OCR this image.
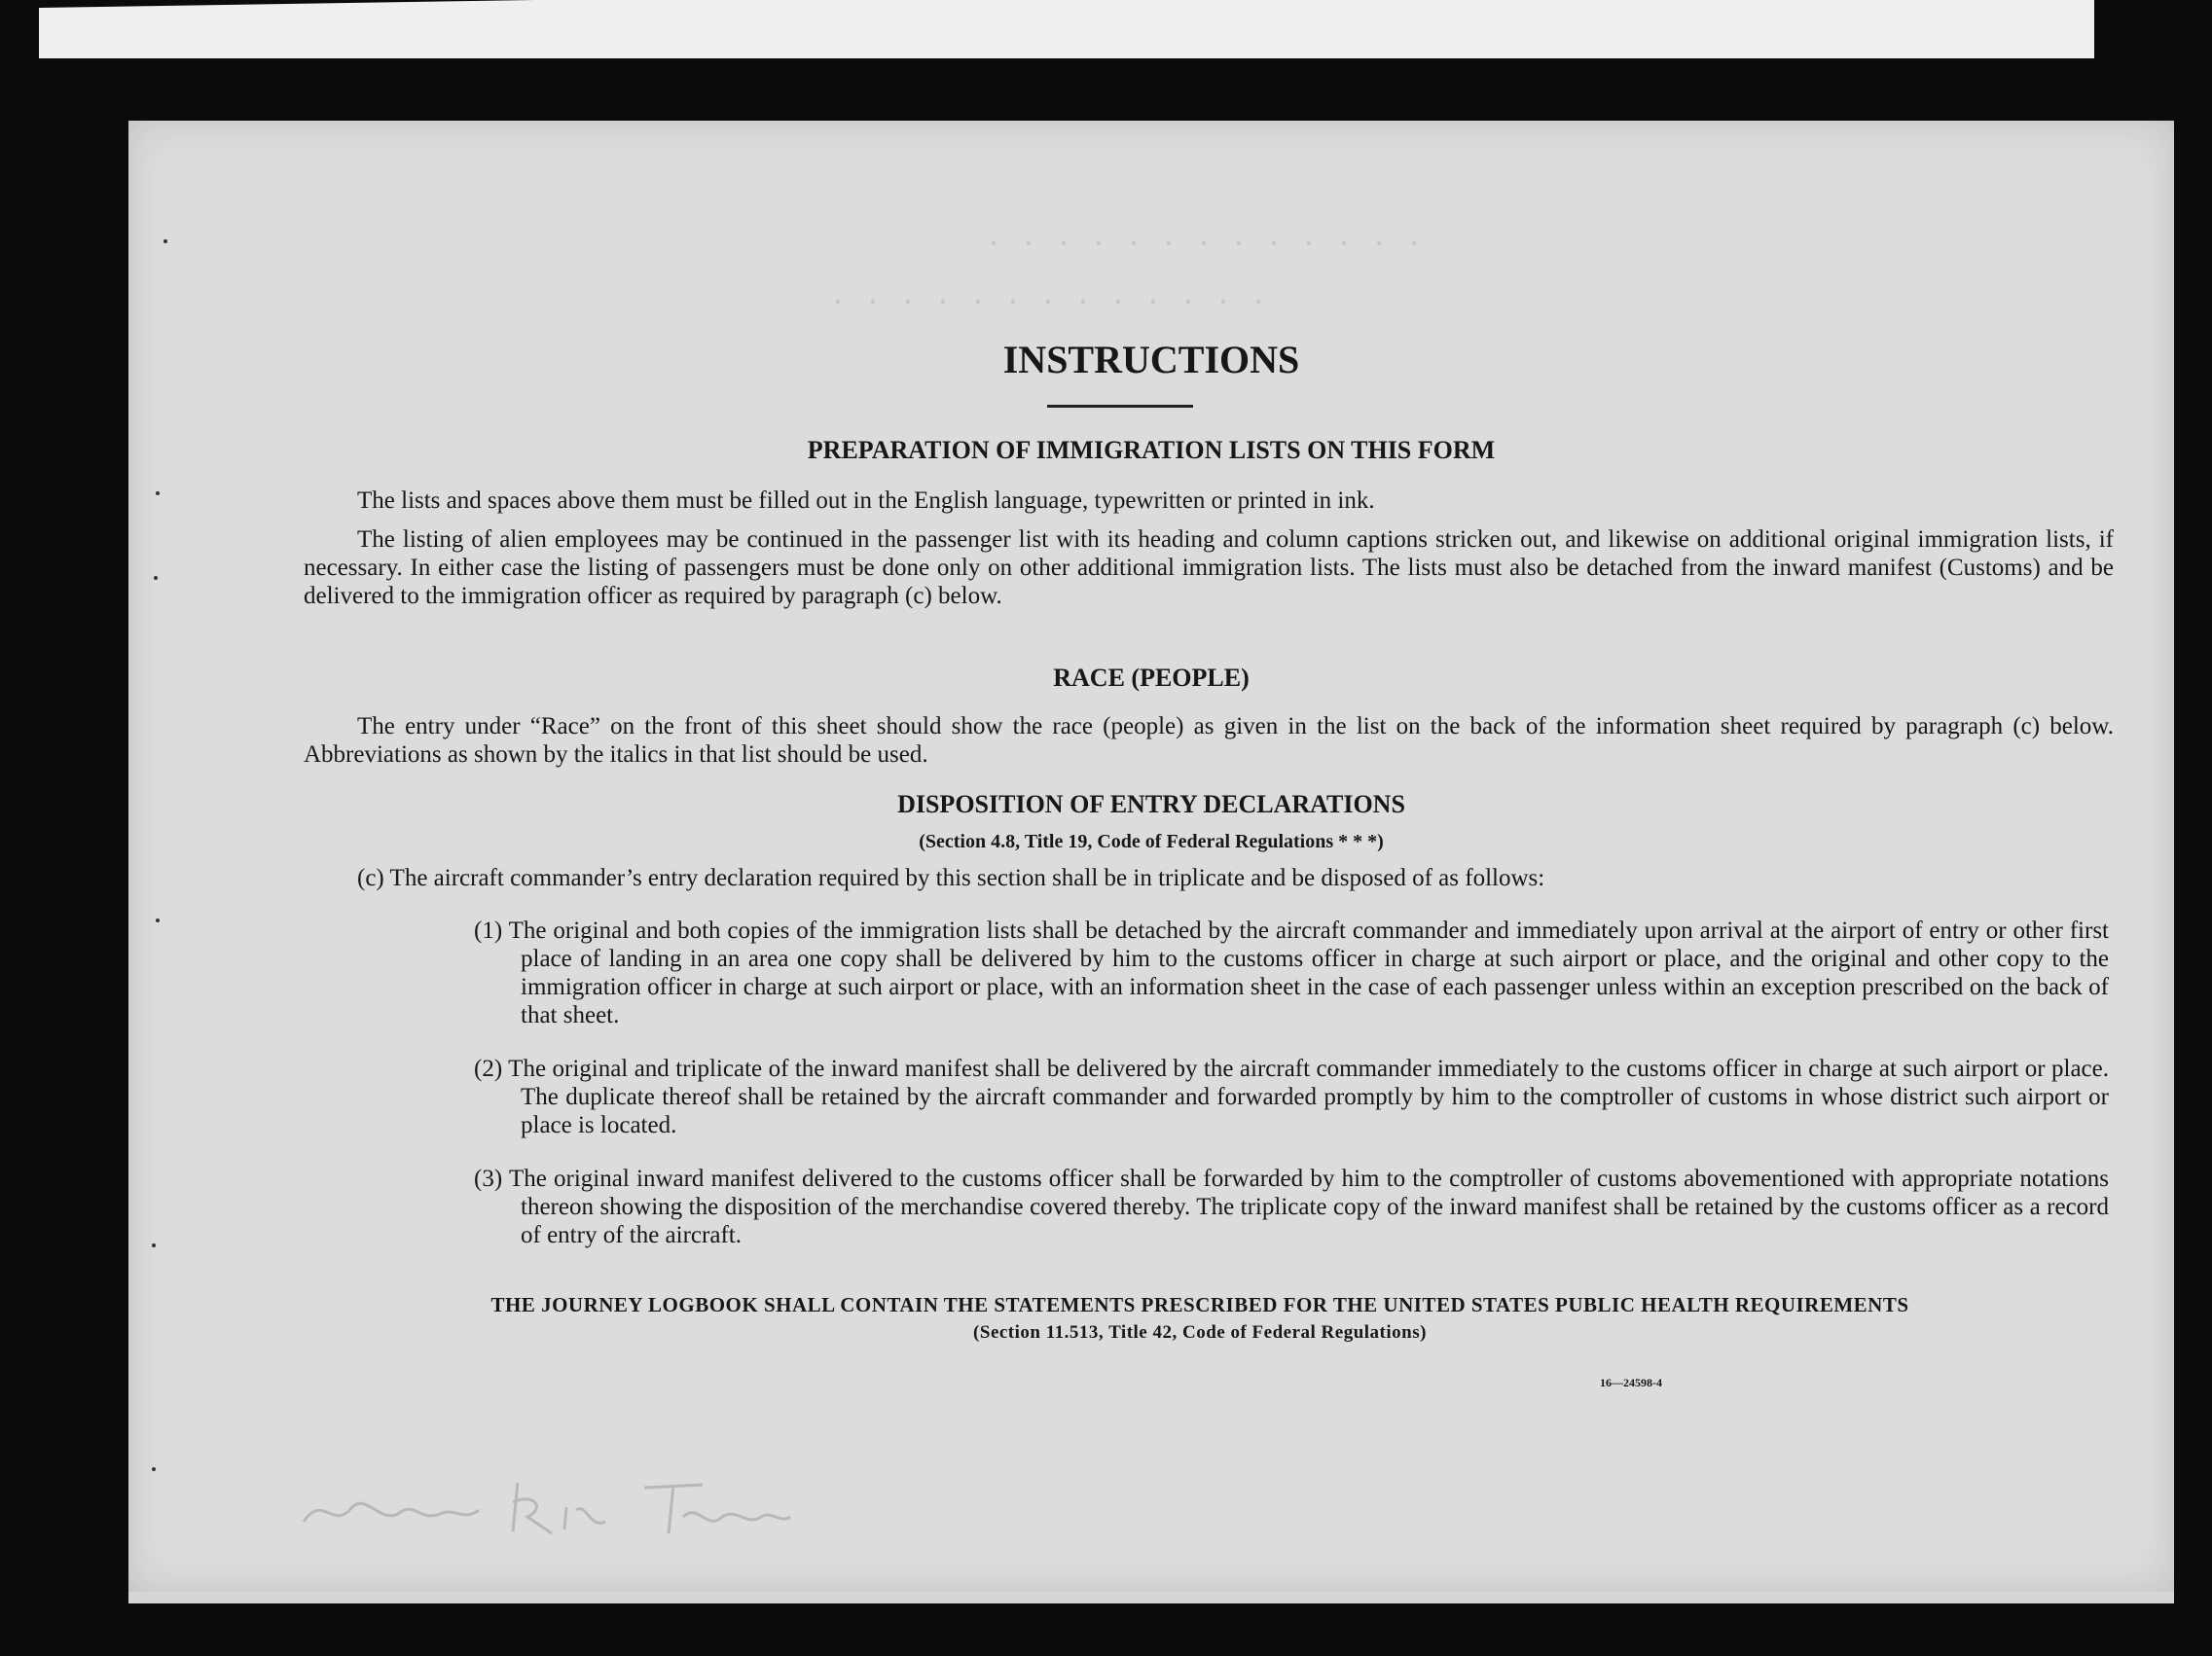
· · · · · · · · · · · · ·
· · · · · · · · · · · · ·
INSTRUCTIONS
PREPARATION OF IMMIGRATION LISTS ON THIS FORM
The lists and spaces above them must be filled out in the English language, typewritten or printed in ink.
The listing of alien employees may be continued in the passenger list with its heading and column captions stricken out, and likewise on additional original immigration lists, if necessary. In either case the listing of passengers must be done only on other additional immigration lists. The lists must also be detached from the inward manifest (Customs) and be delivered to the immigration officer as required by paragraph (c) below.
RACE (PEOPLE)
The entry under “Race” on the front of this sheet should show the race (people) as given in the list on the back of the information sheet required by paragraph (c) below. Abbreviations as shown by the italics in that list should be used.
DISPOSITION OF ENTRY DECLARATIONS
(Section 4.8, Title 19, Code of Federal Regulations * * *)
(c) The aircraft commander’s entry declaration required by this section shall be in triplicate and be disposed of as follows:
(1) The original and both copies of the immigration lists shall be detached by the aircraft commander and immediately upon arrival at the airport of entry or other first place of landing in an area one copy shall be delivered by him to the customs officer in charge at such airport or place, and the original and other copy to the immigration officer in charge at such airport or place, with an information sheet in the case of each passenger unless within an exception prescribed on the back of that sheet.
(2) The original and triplicate of the inward manifest shall be delivered by the aircraft commander immediately to the customs officer in charge at such airport or place. The duplicate thereof shall be retained by the aircraft commander and forwarded promptly by him to the comptroller of customs in whose district such airport or place is located.
(3) The original inward manifest delivered to the customs officer shall be forwarded by him to the comptroller of customs abovementioned with appropriate notations thereon showing the disposition of the merchandise covered thereby. The triplicate copy of the inward manifest shall be retained by the customs officer as a record of entry of the aircraft.
THE JOURNEY LOGBOOK SHALL CONTAIN THE STATEMENTS PRESCRIBED FOR THE UNITED STATES PUBLIC HEALTH REQUIREMENTS
(Section 11.513, Title 42, Code of Federal Regulations)
16—24598-4
